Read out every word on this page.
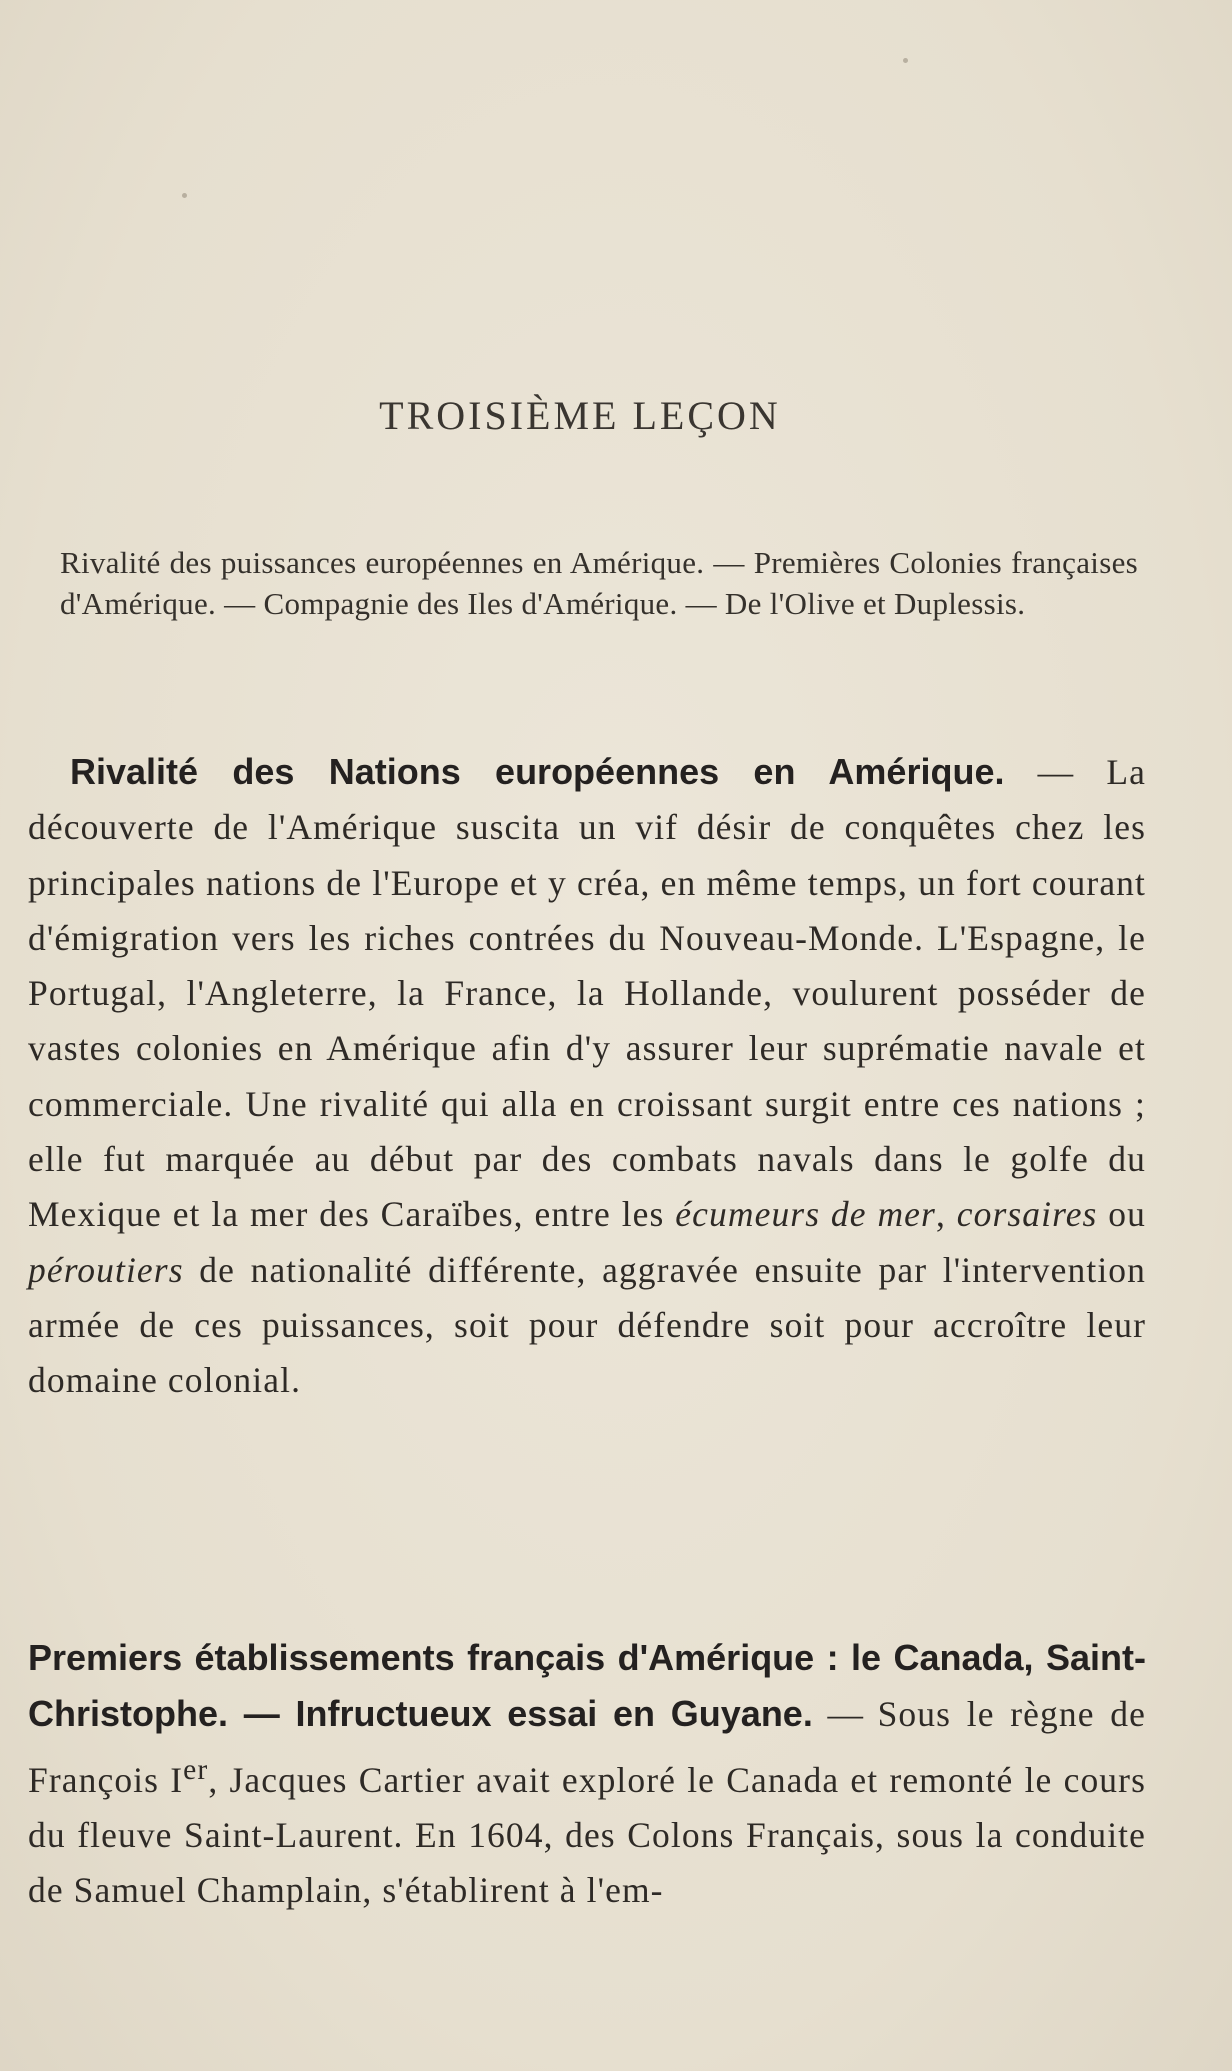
TROISIÈME LEÇON
Rivalité des puissances européennes en Amérique. — Premières Colonies françaises d'Amérique. — Compagnie des Iles d'Amérique. — De l'Olive et Duplessis.
Rivalité des Nations européennes en Amérique. — La découverte de l'Amérique suscita un vif désir de conquêtes chez les principales nations de l'Europe et y créa, en même temps, un fort courant d'émigration vers les riches contrées du Nouveau-Monde. L'Espagne, le Portugal, l'Angleterre, la France, la Hollande, voulurent posséder de vastes colonies en Amérique afin d'y assurer leur suprématie navale et commerciale. Une rivalité qui alla en croissant surgit entre ces nations ; elle fut marquée au début par des combats navals dans le golfe du Mexique et la mer des Caraïbes, entre les écumeurs de mer, corsaires ou péroutiers de nationalité différente, aggravée ensuite par l'intervention armée de ces puissances, soit pour défendre soit pour accroître leur domaine colonial.
Premiers établissements français d'Amérique : le Canada, Saint-Christophe. — Infructueux essai en Guyane. — Sous le règne de François Ier, Jacques Cartier avait exploré le Canada et remonté le cours du fleuve Saint-Laurent. En 1604, des Colons Français, sous la conduite de Samuel Champlain, s'établirent à l'em-
